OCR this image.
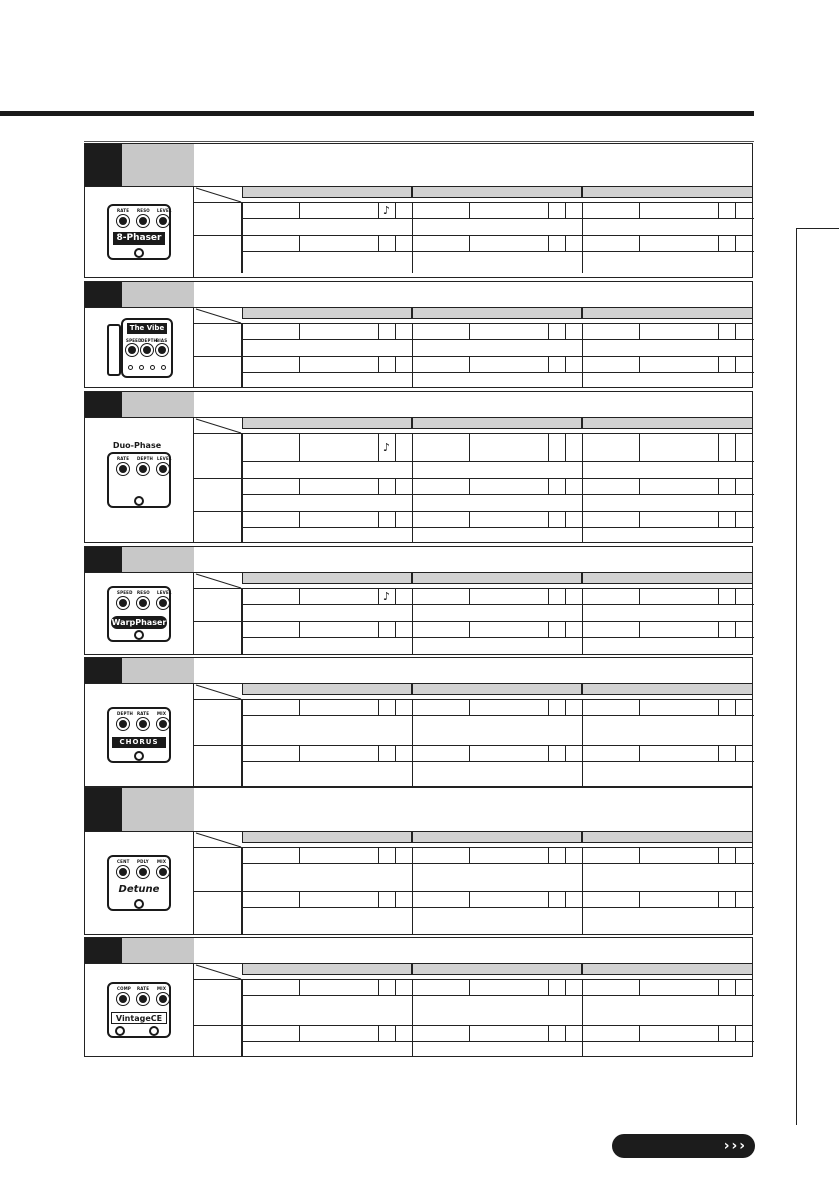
RATE RESO LEVEL
8-Phaser
♪
The Vibe
SPEED DEPTH
BIAS
RATE DEPTH LEVEL
Duo-Phase	♪
SPEED RESO LEVEL
WarpPhaser
♪
DEPTH RATE MIX
CHORUS
CENT PDLY MIX
Detune
COMP RATE MIX
VintageCE
›››
